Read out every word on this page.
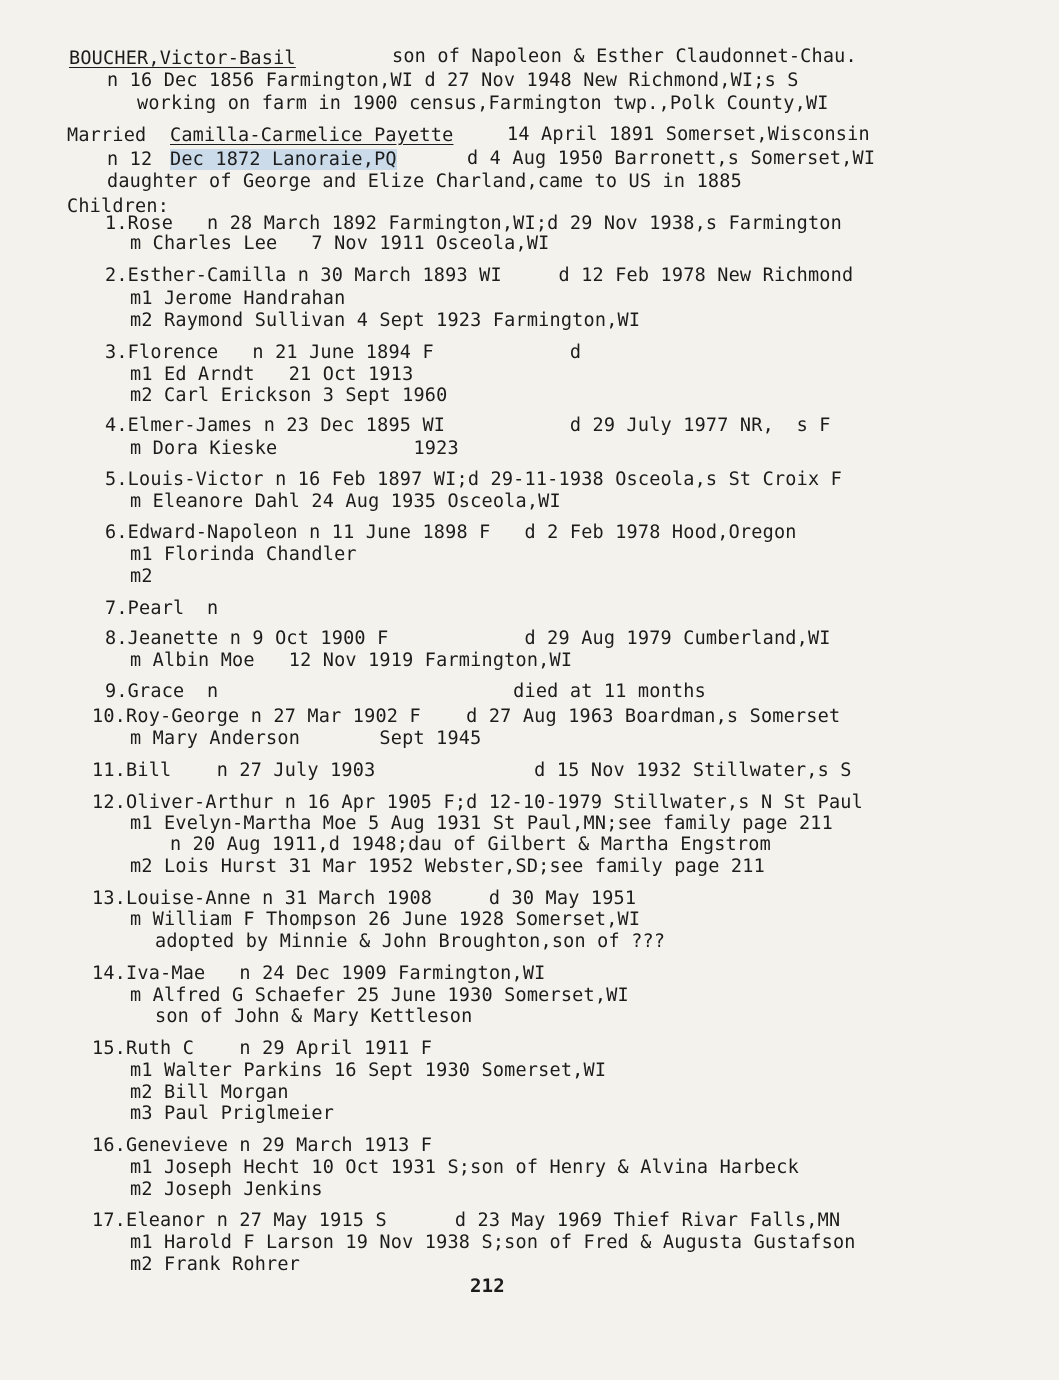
BOUCHER,Victor-Basil	son of Napoleon & Esther Claudonnet-Chau.
n 16 Dec 1856 Farmington,WI d 27 Nov 1948 New Richmond,WI;s S
working on farm in 1900 census,Farmington twp.,Polk County,WI
Married Camilla-Carmelice Payette	14 April 1891 Somerset,Wisconsin
n 12 Dec 1872 Lanoraie,PQ	d 4 Aug 1950 Barronett,s Somerset,WI
daughter of George and Elize Charland,came to US in 1885
Children:
1.Rose   n 28 March 1892 Farmington,WI;d 29 Nov 1938,s Farmington
m Charles Lee   7 Nov 1911 Osceola,WI
2.Esther-Camilla n 30 March 1893 WI     d 12 Feb 1978 New Richmond
m1 Jerome Handrahan
m2 Raymond Sullivan 4 Sept 1923 Farmington,WI
3.Florence   n 21 June 1894 F            d
m1 Ed Arndt   21 Oct 1913
m2 Carl Erickson 3 Sept 1960
4.Elmer-James n 23 Dec 1895 WI           d 29 July 1977 NR,  s F
m Dora Kieske            1923
5.Louis-Victor n 16 Feb 1897 WI;d 29-11-1938 Osceola,s St Croix F
m Eleanore Dahl 24 Aug 1935 Osceola,WI
6.Edward-Napoleon n 11 June 1898 F   d 2 Feb 1978 Hood,Oregon
m1 Florinda Chandler
m2
7.Pearl  n
8.Jeanette n 9 Oct 1900 F            d 29 Aug 1979 Cumberland,WI
m Albin Moe   12 Nov 1919 Farmington,WI
9.Grace  n                          died at 11 months
10.Roy-George n 27 Mar 1902 F    d 27 Aug 1963 Boardman,s Somerset
m Mary Anderson       Sept 1945
11.Bill    n 27 July 1903              d 15 Nov 1932 Stillwater,s S
12.Oliver-Arthur n 16 Apr 1905 F;d 12-10-1979 Stillwater,s N St Paul
m1 Evelyn-Martha Moe 5 Aug 1931 St Paul,MN;see family page 211
n 20 Aug 1911,d 1948;dau of Gilbert & Martha Engstrom
m2 Lois Hurst 31 Mar 1952 Webster,SD;see family page 211
13.Louise-Anne n 31 March 1908     d 30 May 1951
m William F Thompson 26 June 1928 Somerset,WI
adopted by Minnie & John Broughton,son of ???
14.Iva-Mae   n 24 Dec 1909 Farmington,WI
m Alfred G Schaefer 25 June 1930 Somerset,WI
son of John & Mary Kettleson
15.Ruth C    n 29 April 1911 F
m1 Walter Parkins 16 Sept 1930 Somerset,WI
m2 Bill Morgan
m3 Paul Priglmeier
16.Genevieve n 29 March 1913 F
m1 Joseph Hecht 10 Oct 1931 S;son of Henry & Alvina Harbeck
m2 Joseph Jenkins
17.Eleanor n 27 May 1915 S      d 23 May 1969 Thief Rivar Falls,MN
m1 Harold F Larson 19 Nov 1938 S;son of Fred & Augusta Gustafson
m2 Frank Rohrer
212
